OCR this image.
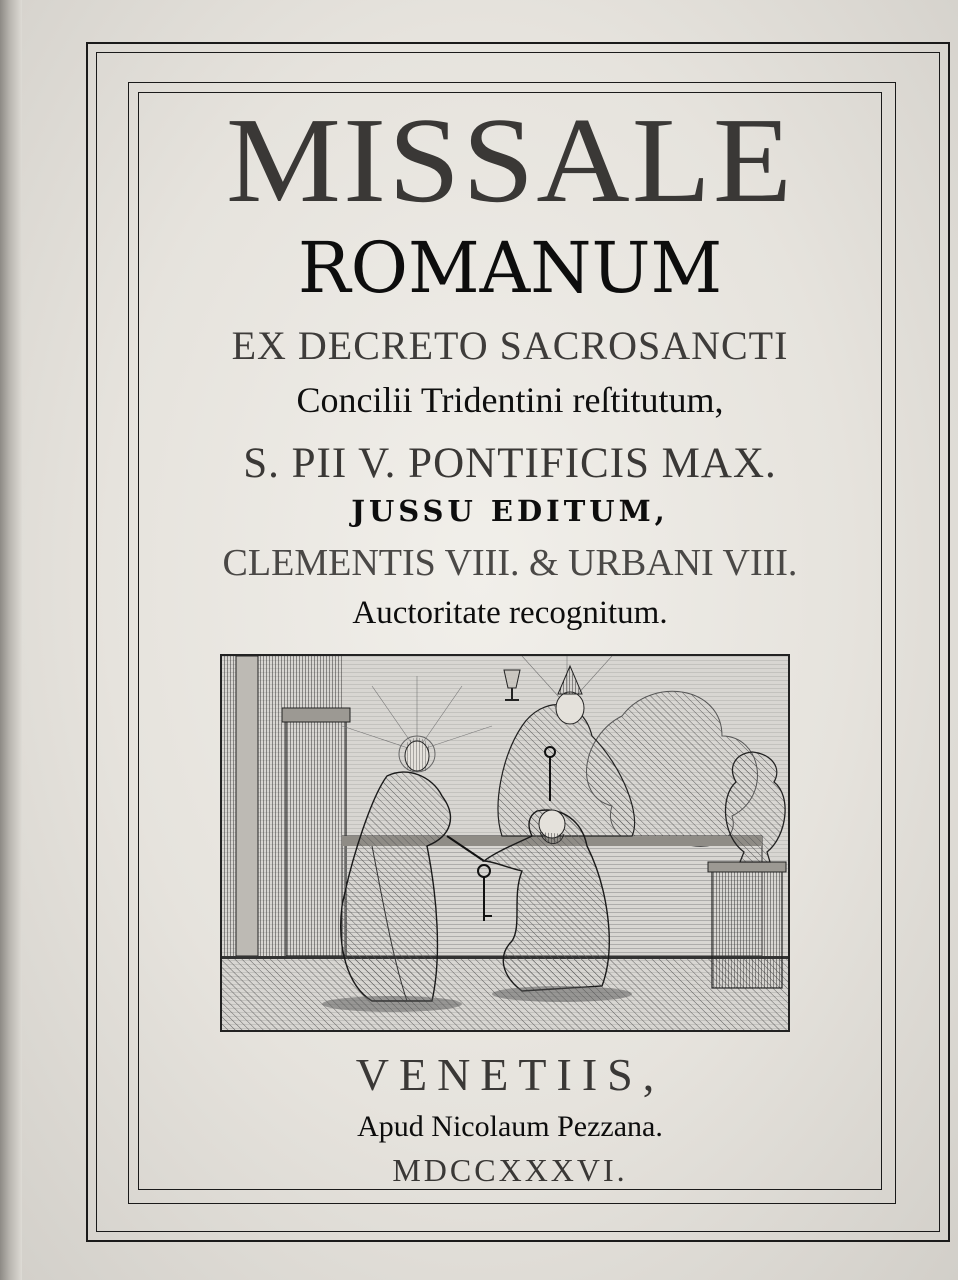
MISSALE
ROMANUM
EX DECRETO SACROSANCTI
Concilii Tridentini reſtitutum,
S. PII V. PONTIFICIS MAX.
JUSSU EDITUM,
CLEMENTIS VIII. & URBANI VIII.
Auctoritate recognitum.
VENETIIS,
Apud Nicolaum Pezzana.
MDCCXXXVI.
